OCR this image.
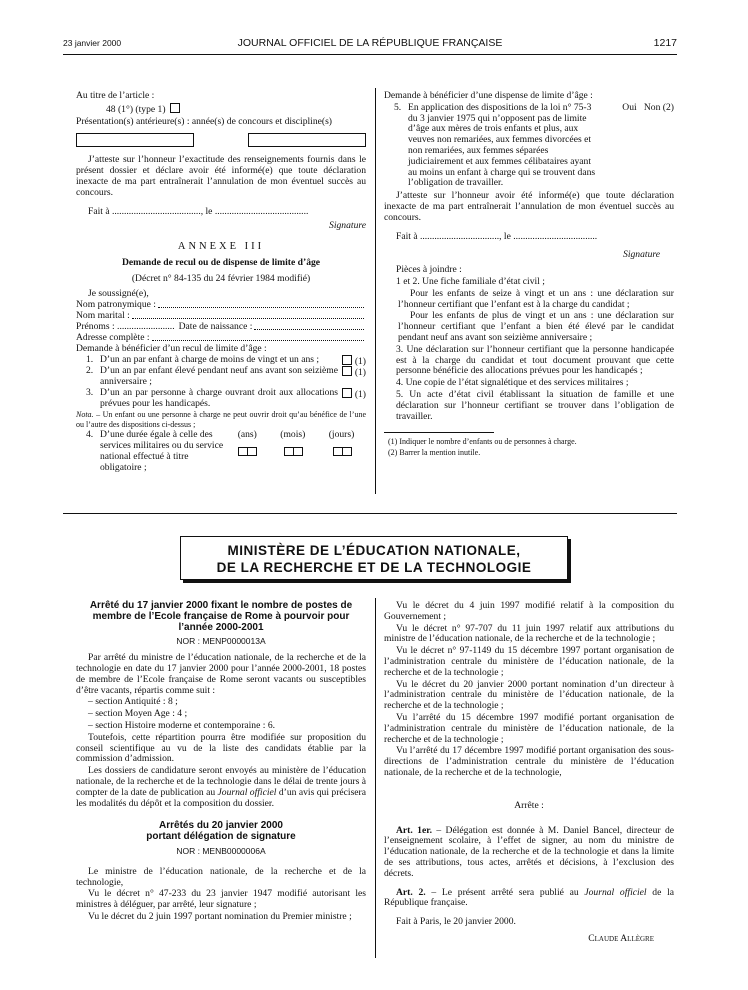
23 janvier 2000	JOURNAL OFFICIEL DE LA RÉPUBLIQUE FRANÇAISE	1217

Au titre de l’article :

48 (1°) (type 1)

Présentation(s) antérieure(s) : année(s) de concours et discipline(s)

J’atteste sur l’honneur l’exactitude des renseignements fournis dans le présent dossier et déclare avoir été informé(e) que toute déclaration inexacte de ma part entraînerait l’annulation de mon éventuel succès au concours.

Fait à ....................................., le .......................................

Signature

ANNEXE III

Demande de recul ou de dispense de limite d’âge

(Décret n° 84-135 du 24 février 1984 modifié)

Je soussigné(e),

Nom patronymique :
Nom marital :
Prénoms : ........................ Date de naissance :
Adresse complète :

Demande à bénéficier d’un recul de limite d’âge :

1. D’un an par enfant à charge de moins de vingt et un ans ;	(1)
2. D’un an par enfant élevé pendant neuf ans avant son seizième anniversaire ;
(1)
3. D’un an par personne à charge ouvrant droit aux allocations prévues pour les handicapés.
(1)

Nota. – Un enfant ou une personne à charge ne peut ouvrir droit qu’au bénéfice de l’une ou l’autre des dispositions ci-dessus ;

4. D’une durée égale à celle des services militaires ou du service national effectué à titre obligatoire ;
(ans) (mois) (jours)

Demande à bénéficier d’une dispense de limite d’âge :

5. En application des dispositions de la loi n° 75-3 du 3 janvier 1975 qui n’opposent pas de limite d’âge aux mères de trois enfants et plus, aux veuves non remariées, aux femmes divorcées et non remariées, aux femmes séparées judiciairement et aux femmes célibataires ayant au moins un enfant à charge qui se trouvent dans l’obligation de travailler.
Oui   Non (2)

J’atteste sur l’honneur avoir été informé(e) que toute déclaration inexacte de ma part entraînerait l’annulation de mon éventuel succès au concours.

Fait à ................................., le ...................................

Signature

Pièces à joindre :

1 et 2. Une fiche familiale d’état civil ;

Pour les enfants de seize à vingt et un ans : une déclaration sur l’honneur certifiant que l’enfant est à la charge du candidat ;

Pour les enfants de plus de vingt et un ans : une déclaration sur l’honneur certifiant que l’enfant a bien été élevé par le candidat pendant neuf ans avant son seizième anniversaire ;

3. Une déclaration sur l’honneur certifiant que la personne handicapée est à la charge du candidat et tout document prouvant que cette personne bénéficie des allocations prévues pour les handicapés ;

4. Une copie de l’état signalétique et des services militaires ;

5. Un acte d’état civil établissant la situation de famille et une déclaration sur l’honneur certifiant se trouver dans l’obligation de travailler.

(1) Indiquer le nombre d’enfants ou de personnes à charge.

(2) Barrer la mention inutile.

MINISTÈRE DE L’ÉDUCATION NATIONALE,
DE LA RECHERCHE ET DE LA TECHNOLOGIE
Arrêté du 17 janvier 2000 fixant le nombre de postes de membre de l’Ecole française de Rome à pourvoir pour l’année 2000-2001
NOR : MENP0000013A

Par arrêté du ministre de l’éducation nationale, de la recherche et de la technologie en date du 17 janvier 2000 pour l’année 2000-2001, 18 postes de membre de l’Ecole française de Rome seront vacants ou susceptibles d’être vacants, répartis comme suit :

– section Antiquité : 8 ;

– section Moyen Age : 4 ;

– section Histoire moderne et contemporaine : 6.

Toutefois, cette répartition pourra être modifiée sur proposition du conseil scientifique au vu de la liste des candidats établie par la commission d’admission.

Les dossiers de candidature seront envoyés au ministère de l’éducation nationale, de la recherche et de la technologie dans le délai de trente jours à compter de la date de publication au Journal officiel d’un avis qui précisera les modalités du dépôt et la composition du dossier.

Arrêtés du 20 janvier 2000 portant délégation de signature
NOR : MENB0000006A

Le ministre de l’éducation nationale, de la recherche et de la technologie,

Vu le décret n° 47-233 du 23 janvier 1947 modifié autorisant les ministres à déléguer, par arrêté, leur signature ;

Vu le décret du 2 juin 1997 portant nomination du Premier ministre ;

Vu le décret du 4 juin 1997 modifié relatif à la composition du Gouvernement ;

Vu le décret n° 97-707 du 11 juin 1997 relatif aux attributions du ministre de l’éducation nationale, de la recherche et de la technologie ;

Vu le décret n° 97-1149 du 15 décembre 1997 portant organisation de l’administration centrale du ministère de l’éducation nationale, de la recherche et de la technologie ;

Vu le décret du 20 janvier 2000 portant nomination d’un directeur à l’administration centrale du ministère de l’éducation nationale, de la recherche et de la technologie ;

Vu l’arrêté du 15 décembre 1997 modifié portant organisation de l’administration centrale du ministère de l’éducation nationale, de la recherche et de la technologie ;

Vu l’arrêté du 17 décembre 1997 modifié portant organisation des sous-directions de l’administration centrale du ministère de l’éducation nationale, de la recherche et de la technologie,

Arrête :

Art. 1er. – Délégation est donnée à M. Daniel Bancel, directeur de l’enseignement scolaire, à l’effet de signer, au nom du ministre de l’éducation nationale, de la recherche et de la technologie et dans la limite de ses attributions, tous actes, arrêtés et décisions, à l’exclusion des décrets.

Art. 2. – Le présent arrêté sera publié au Journal officiel de la République française.

Fait à Paris, le 20 janvier 2000.

Claude Allègre
